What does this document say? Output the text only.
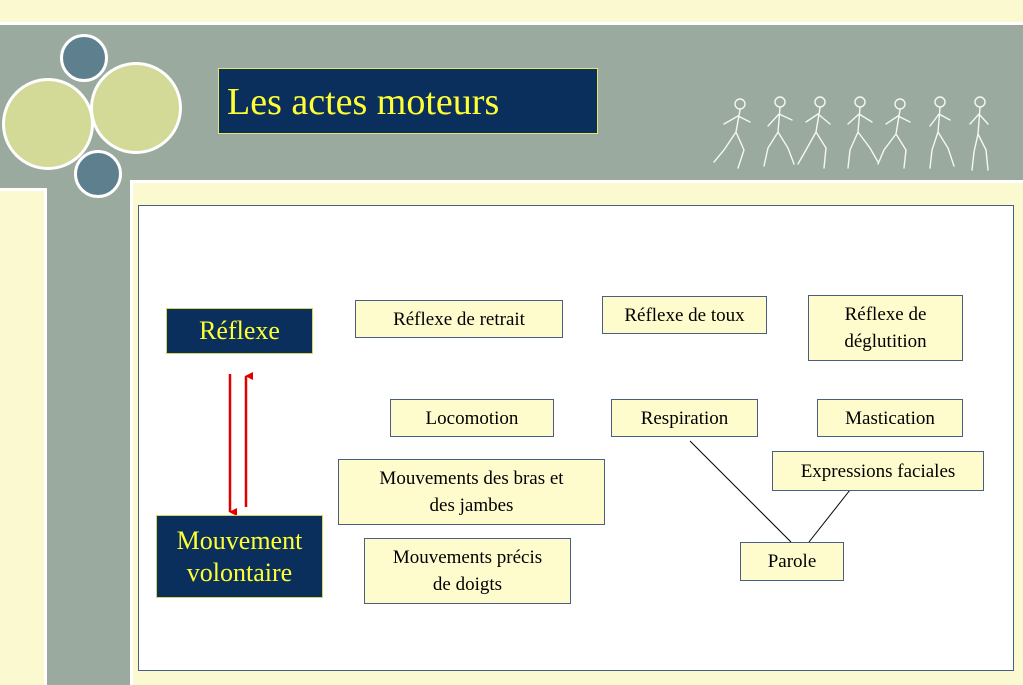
Les actes moteurs
Réflexe
Mouvement
volontaire
Réflexe de retrait	Réflexe de toux	Réflexe de
déglutition
Locomotion	Respiration	Mastication
Mouvements des bras et
des jambes
Expressions faciales
Mouvements précis
de doigts
Parole
